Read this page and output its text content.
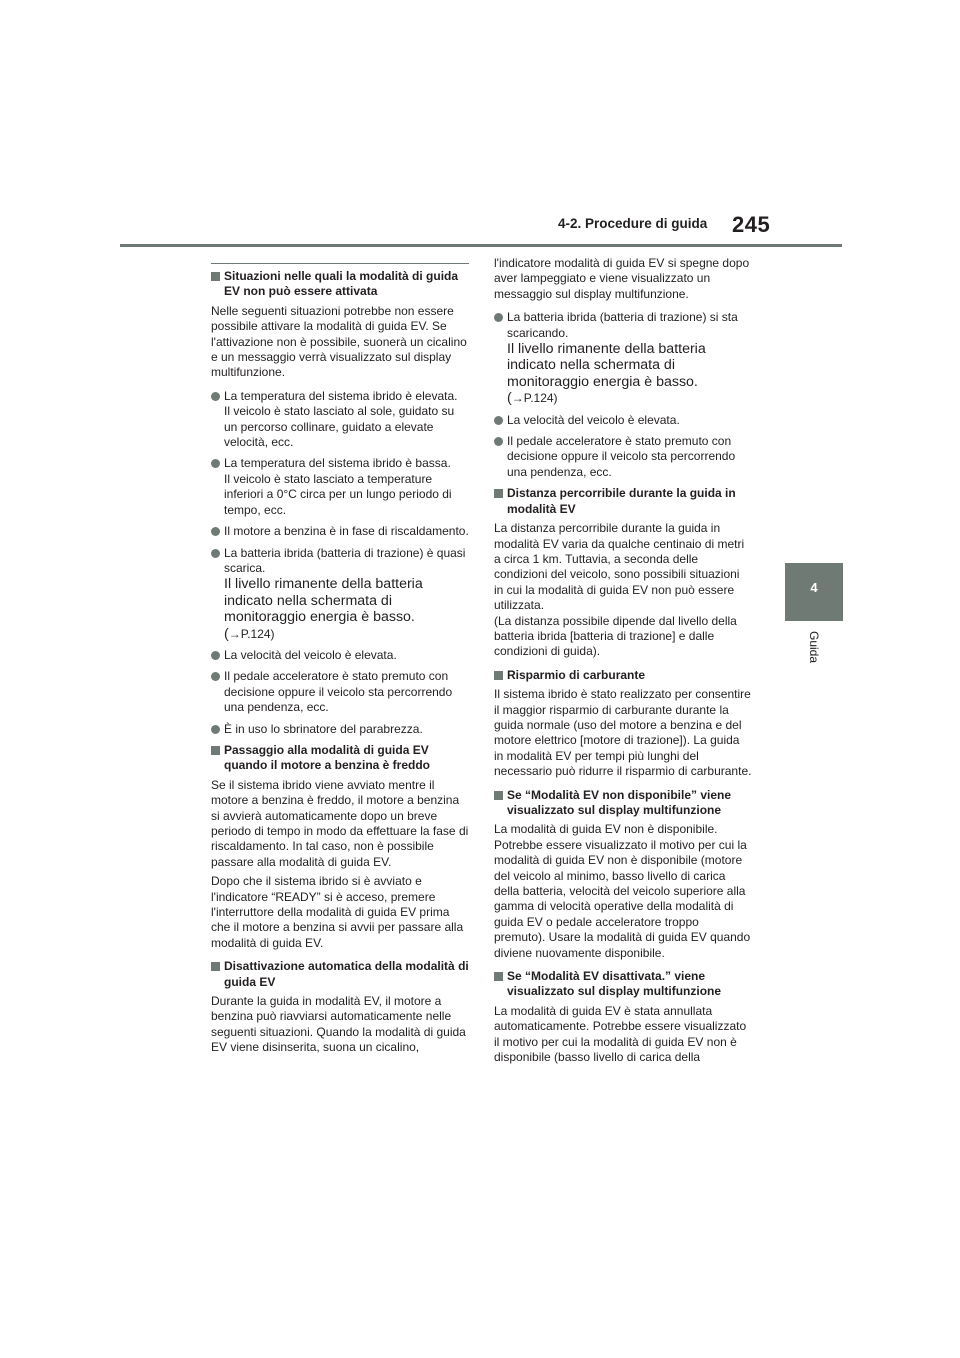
4-2. Procedure di guida 245
4
Guida
Situazioni nelle quali la modalità di guida EV non può essere attivata

Nelle seguenti situazioni potrebbe non essere possibile attivare la modalità di guida EV. Se l'attivazione non è possibile, suonerà un cicalino e un messaggio verrà visualizzato sul display multifunzione.

La temperatura del sistema ibrido è elevata.
Il veicolo è stato lasciato al sole, guidato su un percorso collinare, guidato a elevate velocità, ecc.
La temperatura del sistema ibrido è bassa.
Il veicolo è stato lasciato a temperature inferiori a 0°C circa per un lungo periodo di tempo, ecc.
Il motore a benzina è in fase di riscaldamento.
La batteria ibrida (batteria di trazione) è quasi scarica.
Il livello rimanente della batteria indicato nella schermata di monitoraggio energia è basso. (→P.124)
La velocità del veicolo è elevata.
Il pedale acceleratore è stato premuto con decisione oppure il veicolo sta percorrendo una pendenza, ecc.
È in uso lo sbrinatore del parabrezza.
Passaggio alla modalità di guida EV quando il motore a benzina è freddo

Se il sistema ibrido viene avviato mentre il motore a benzina è freddo, il motore a benzina si avvierà automaticamente dopo un breve periodo di tempo in modo da effettuare la fase di riscaldamento. In tal caso, non è possibile passare alla modalità di guida EV.

Dopo che il sistema ibrido si è avviato e l'indicatore “READY” si è acceso, premere l'interruttore della modalità di guida EV prima che il motore a benzina si avvii per passare alla modalità di guida EV.

Disattivazione automatica della modalità di guida EV

Durante la guida in modalità EV, il motore a benzina può riavviarsi automaticamente nelle seguenti situazioni. Quando la modalità di guida EV viene disinserita, suona un cicalino,

l'indicatore modalità di guida EV si spegne dopo aver lampeggiato e viene visualizzato un messaggio sul display multifunzione.

La batteria ibrida (batteria di trazione) si sta scaricando.
Il livello rimanente della batteria indicato nella schermata di monitoraggio energia è basso. (→P.124)
La velocità del veicolo è elevata.
Il pedale acceleratore è stato premuto con decisione oppure il veicolo sta percorrendo una pendenza, ecc.
Distanza percorribile durante la guida in modalità EV

La distanza percorribile durante la guida in modalità EV varia da qualche centinaio di metri a circa 1 km. Tuttavia, a seconda delle condizioni del veicolo, sono possibili situazioni in cui la modalità di guida EV non può essere utilizzata.

(La distanza possibile dipende dal livello della batteria ibrida [batteria di trazione] e dalle condizioni di guida).

Risparmio di carburante

Il sistema ibrido è stato realizzato per consentire il maggior risparmio di carburante durante la guida normale (uso del motore a benzina e del motore elettrico [motore di trazione]). La guida in modalità EV per tempi più lunghi del necessario può ridurre il risparmio di carburante.

Se “Modalità EV non disponibile” viene visualizzato sul display multifunzione

La modalità di guida EV non è disponibile. Potrebbe essere visualizzato il motivo per cui la modalità di guida EV non è disponibile (motore del veicolo al minimo, basso livello di carica della batteria, velocità del veicolo superiore alla gamma di velocità operative della modalità di guida EV o pedale acceleratore troppo premuto). Usare la modalità di guida EV quando diviene nuovamente disponibile.

Se “Modalità EV disattivata.” viene visualizzato sul display multifunzione

La modalità di guida EV è stata annullata automaticamente. Potrebbe essere visualizzato il motivo per cui la modalità di guida EV non è disponibile (basso livello di carica della
